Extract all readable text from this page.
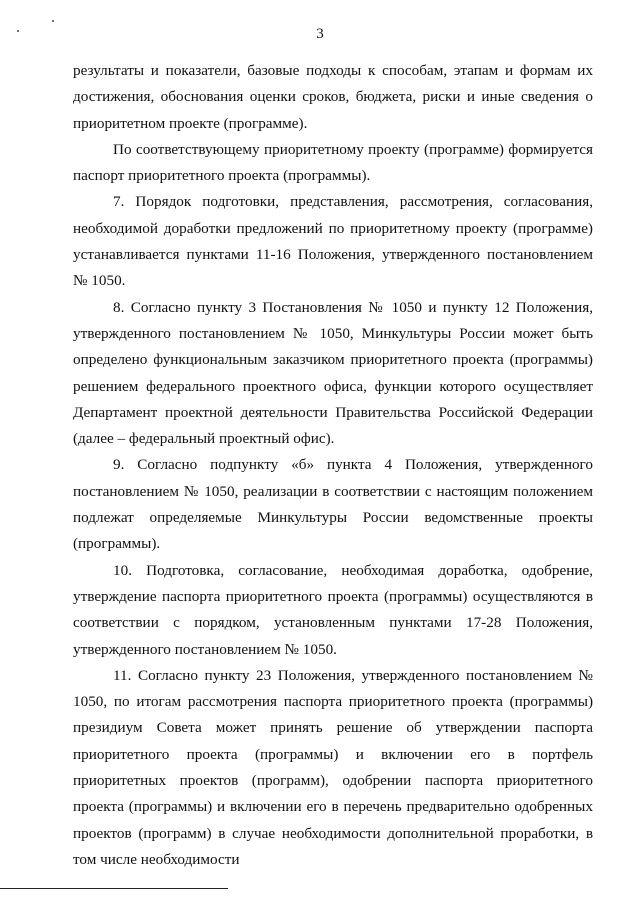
3

результаты и показатели, базовые подходы к способам, этапам и формам их достижения, обоснования оценки сроков, бюджета, риски и иные сведения о приоритетном проекте (программе).

По соответствующему приоритетному проекту (программе) формируется паспорт приоритетного проекта (программы).

7. Порядок подготовки, представления, рассмотрения, согласования, необходимой доработки предложений по приоритетному проекту (программе) устанавливается пунктами 11-16 Положения, утвержденного постановлением № 1050.

8. Согласно пункту 3 Постановления № 1050 и пункту 12 Положения, утвержденного постановлением № 1050, Минкультуры России может быть определено функциональным заказчиком приоритетного проекта (программы) решением федерального проектного офиса, функции которого осуществляет Департамент проектной деятельности Правительства Российской Федерации (далее – федеральный проектный офис).

9. Согласно подпункту «б» пункта 4 Положения, утвержденного постановлением № 1050, реализации в соответствии с настоящим положением подлежат определяемые Минкультуры России ведомственные проекты (программы).

10. Подготовка, согласование, необходимая доработка, одобрение, утверждение паспорта приоритетного проекта (программы) осуществляются в соответствии с порядком, установленным пунктами 17-28 Положения, утвержденного постановлением № 1050.

11. Согласно пункту 23 Положения, утвержденного постановлением № 1050, по итогам рассмотрения паспорта приоритетного проекта (программы) президиум Совета может принять решение об утверждении паспорта приоритетного проекта (программы) и включении его в портфель приоритетных проектов (программ), одобрении паспорта приоритетного проекта (программы) и включении его в перечень предварительно одобренных проектов (программ) в случае необходимости дополнительной проработки, в том числе необходимости
